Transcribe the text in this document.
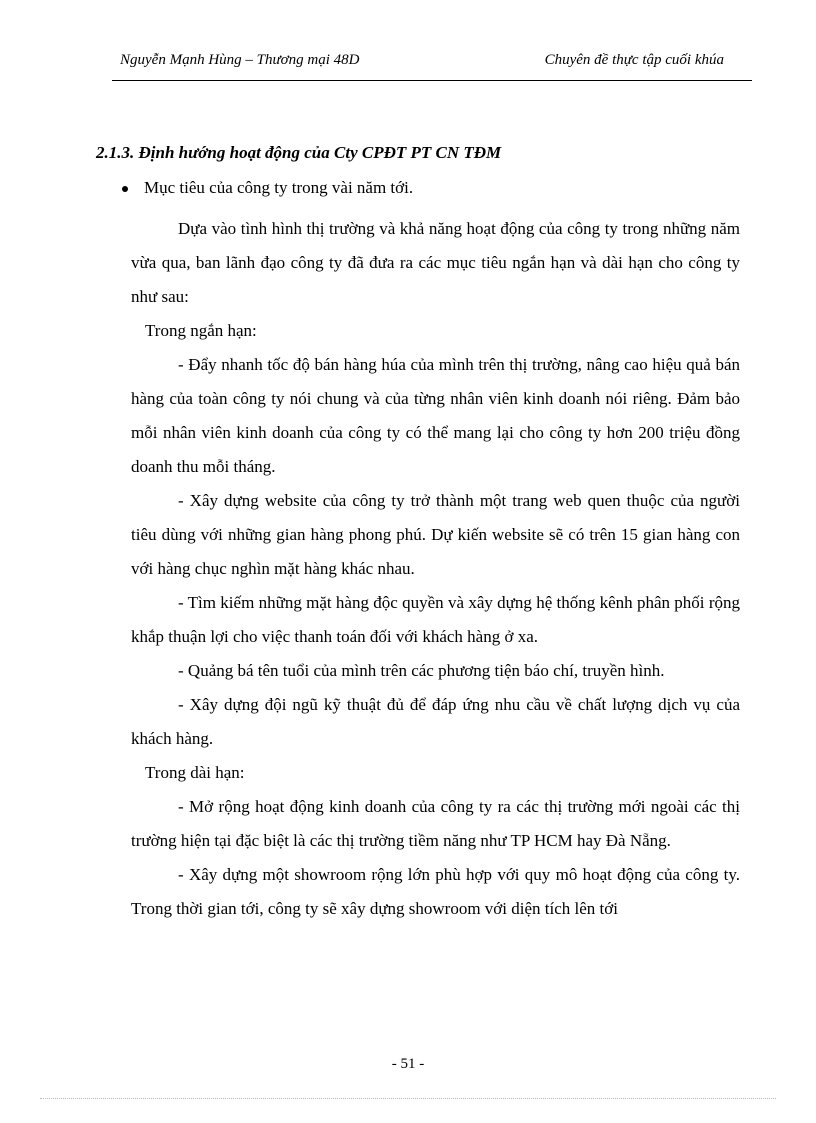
Nguyễn Mạnh Hùng – Thương mại 48D	Chuyên đề thực tập cuối khúa
2.1.3. Định hướng hoạt động của Cty CPĐT PT CN TĐM
Mục tiêu của công ty trong vài năm tới.
Dựa vào tình hình thị trường và khả năng hoạt động của công ty trong những năm vừa qua, ban lãnh đạo công ty đã đưa ra các mục tiêu ngắn hạn và dài hạn cho công ty như sau:
Trong ngắn hạn:
- Đẩy nhanh tốc độ bán hàng húa của mình trên thị trường, nâng cao hiệu quả bán hàng của toàn công ty nói chung và của từng nhân viên kinh doanh nói riêng. Đảm bảo mỗi nhân viên kinh doanh của công ty có thể mang lại cho công ty hơn 200 triệu đồng doanh thu mỗi tháng.
- Xây dựng website của công ty trở thành một trang web quen thuộc của người tiêu dùng với những gian hàng phong phú. Dự kiến website sẽ có trên 15 gian hàng con với hàng chục nghìn mặt hàng khác nhau.
- Tìm kiếm những mặt hàng độc quyền và xây dựng hệ thống kênh phân phối rộng khắp thuận lợi cho việc thanh toán đối với khách hàng ở xa.
- Quảng bá tên tuổi của mình trên các phương tiện báo chí, truyền hình.
- Xây dựng đội ngũ kỹ thuật đủ để đáp ứng nhu cầu về chất lượng dịch vụ của khách hàng.
Trong dài hạn:
- Mở rộng hoạt động kinh doanh của công ty ra các thị trường mới ngoài các thị trường hiện tại đặc biệt là các thị trường tiềm năng như TP HCM hay Đà Nẵng.
- Xây dựng một showroom rộng lớn phù hợp với quy mô hoạt động của công ty. Trong thời gian tới, công ty sẽ xây dựng showroom với diện tích lên tới
- 51 -
